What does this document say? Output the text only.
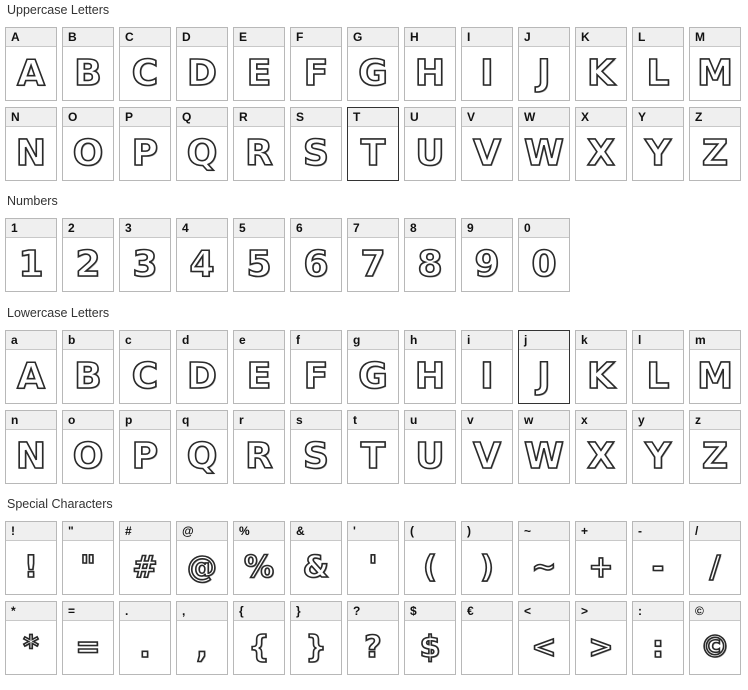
Uppercase Letters
A
A
B
B
C
C
D
D
E
E
F
F
G
G
H
H
I
I
J
J
K
K
L
L
M
M
N
N
O
O
P
P
Q
Q
R
R
S
S
T
T
U
U
V
V
W
W
X
X
Y
Y
Z
Z
Numbers
1
1
2
2
3
3
4
4
5
5
6
6
7
7
8
8
9
9
0
0
Lowercase Letters
a
A
b
B
c
C
d
D
e
E
f
F
g
G
h
H
i
I
j
J
k
K
l
L
m
M
n
N
o
O
p
P
q
Q
r
R
s
S
t
T
u
U
v
V
w
W
x
X
y
Y
z
Z
Special Characters
!
!
"
"
#
#
@
@
%
%
&
&
'
'
(
(
)
)
~
~
+
+
-
-
/
/
*
*
=
=
.
.
,
,
{
{
}
}
?
?
$
$
€	<
<
>
>
:
:
©
©
